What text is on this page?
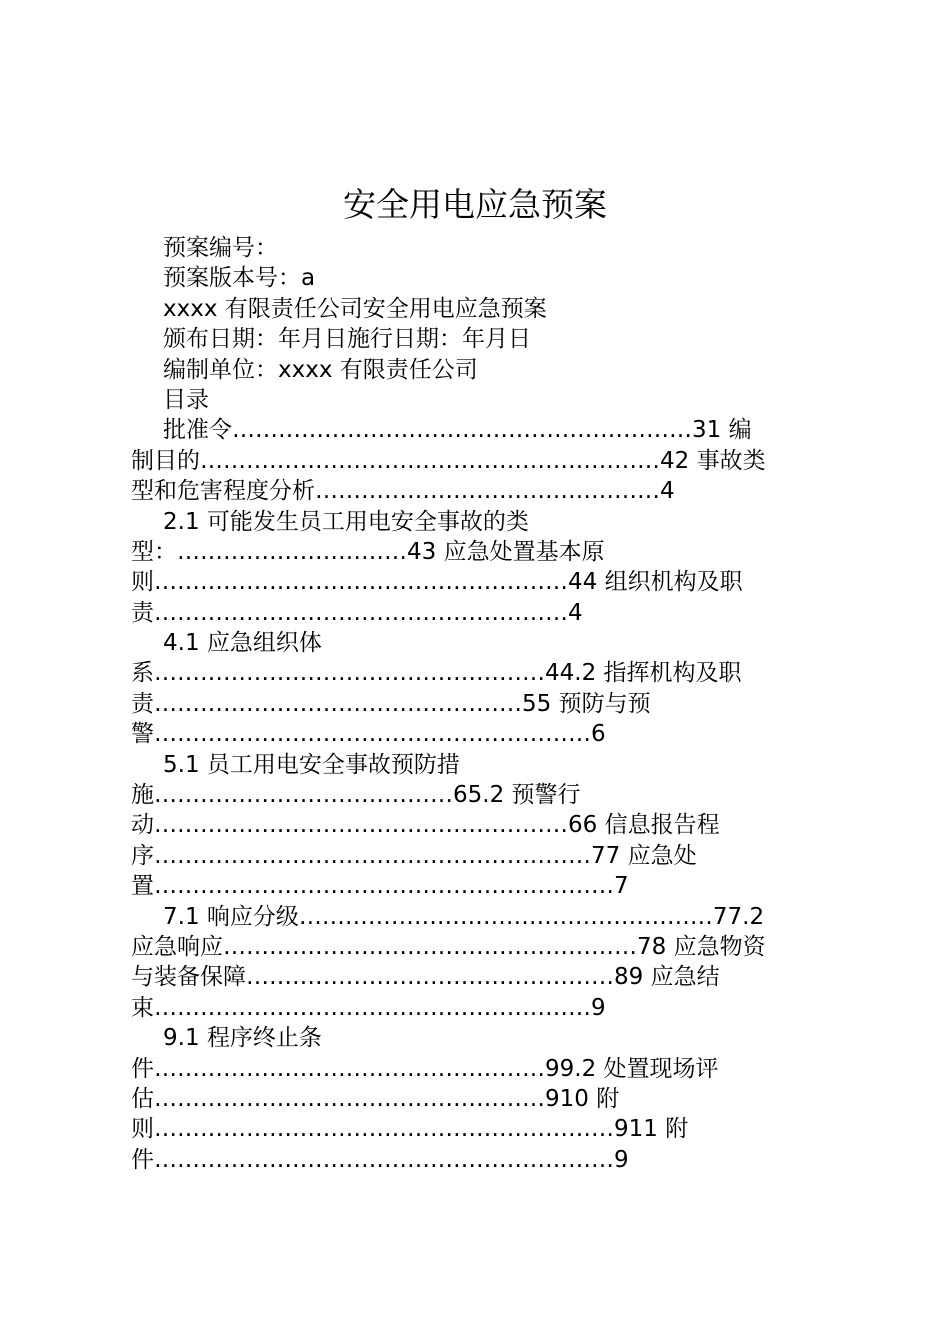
安全用电应急预案
预案编号：
预案版本号：a
xxxx 有限责任公司安全用电应急预案
颁布日期：年月日施行日期：年月日
编制单位：xxxx 有限责任公司
目录
批准令……………………………………………………31 编
制目的……………………………………………………42 事故类
型和危害程度分析………………………………………4
2.1 可能发生员工用电安全事故的类
型：…………………………43 应急处置基本原
则………………………………………………44 组织机构及职
责………………………………………………4
4.1 应急组织体
系……………………………………………44.2 指挥机构及职
责…………………………………………55 预防与预
警…………………………………………………6
5.1 员工用电安全事故预防措
施…………………………………65.2 预警行
动………………………………………………66 信息报告程
序…………………………………………………77 应急处
置……………………………………………………7
7.1 响应分级………………………………………………77.2
应急响应………………………………………………78 应急物资
与装备保障…………………………………………89 应急结
束…………………………………………………9
9.1 程序终止条
件……………………………………………99.2 处置现场评
估……………………………………………910 附
则……………………………………………………911 附
件……………………………………………………9
